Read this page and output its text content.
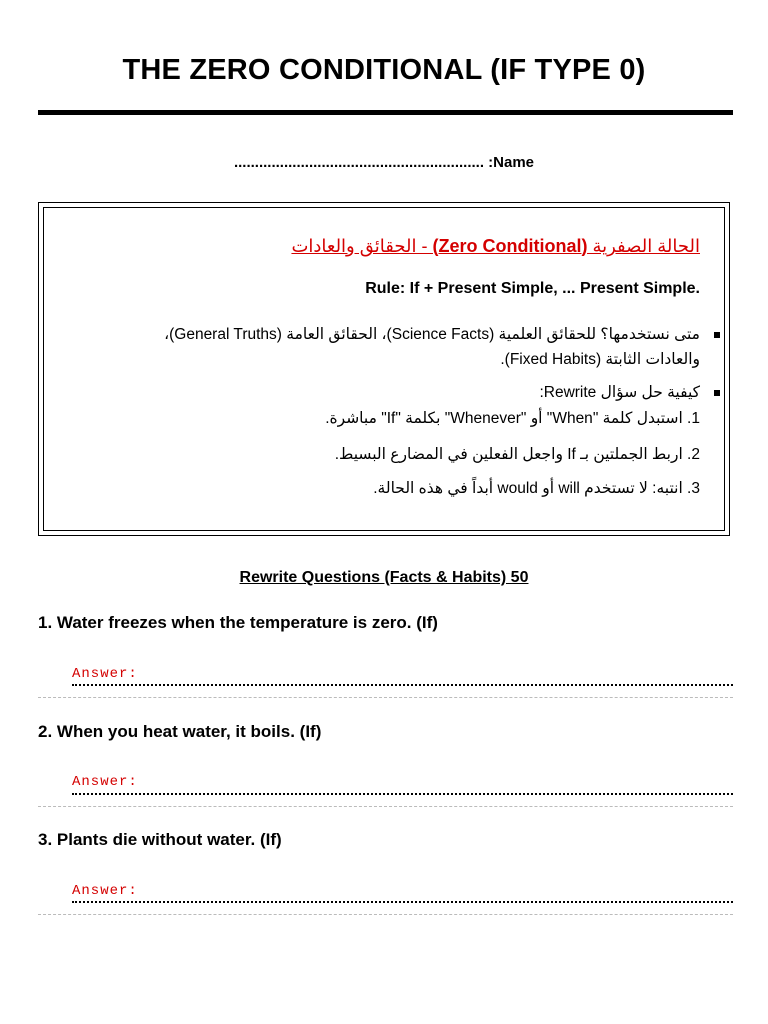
THE ZERO CONDITIONAL (IF TYPE 0)
............................................................ :Name
الحالة الصفرية (Zero Conditional) - الحقائق والعادات
Rule: If + Present Simple, ... Present Simple.
متى نستخدمها؟ للحقائق العلمية (Science Facts)، الحقائق العامة (General Truths)، والعادات الثابتة (Fixed Habits).
كيفية حل سؤال Rewrite:
1. استبدل كلمة "When" أو "Whenever" بكلمة "If" مباشرة.
2. اربط الجملتين بـ If واجعل الفعلين في المضارع البسيط.
3. انتبه: لا تستخدم will أو would أبداً في هذه الحالة.
Rewrite Questions (Facts & Habits) 50
1. Water freezes when the temperature is zero. (If)
Answer:
2. When you heat water, it boils. (If)
Answer:
3. Plants die without water. (If)
Answer:
